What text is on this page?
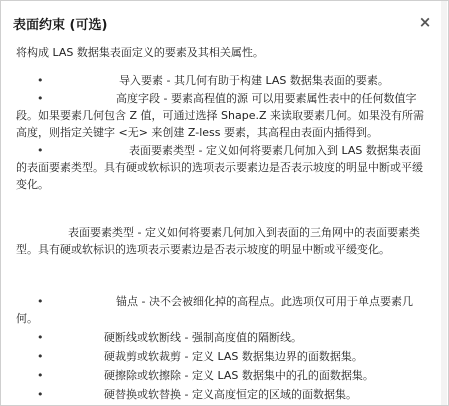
表面约束 (可选)	×
将构成 LAS 数据集表面定义的要素及其相关属性。
•	导入要素 - 其几何有助于构建 LAS 数据集表面的要素。
•	高度字段 - 要素高程值的源 可以用要素属性表中的任何数值字段。如果要素几何包含 Z 值，可通过选择 Shape.Z 来读取要素几何。如果没有所需高度，则指定关键字 <无> 来创建 Z-less 要素，其高程由表面内插得到。
•	表面要素类型 - 定义如何将要素几何加入到 LAS 数据集表面的表面要素类型。具有硬或软标识的选项表示要素边是否表示坡度的明显中断或平缓变化。
表面要素类型 - 定义如何将要素几何加入到表面的三角网中的表面要素类型。具有硬或软标识的选项表示要素边是否表示坡度的明显中断或平缓变化。
•	锚点 - 决不会被细化掉的高程点。此选项仅可用于单点要素几何。
•	硬断线或软断线 - 强制高度值的隔断线。
•	硬裁剪或软裁剪 - 定义 LAS 数据集边界的面数据集。
•	硬擦除或软擦除 - 定义 LAS 数据集中的孔的面数据集。
•	硬替换或软替换 - 定义高度恒定的区域的面数据集。
